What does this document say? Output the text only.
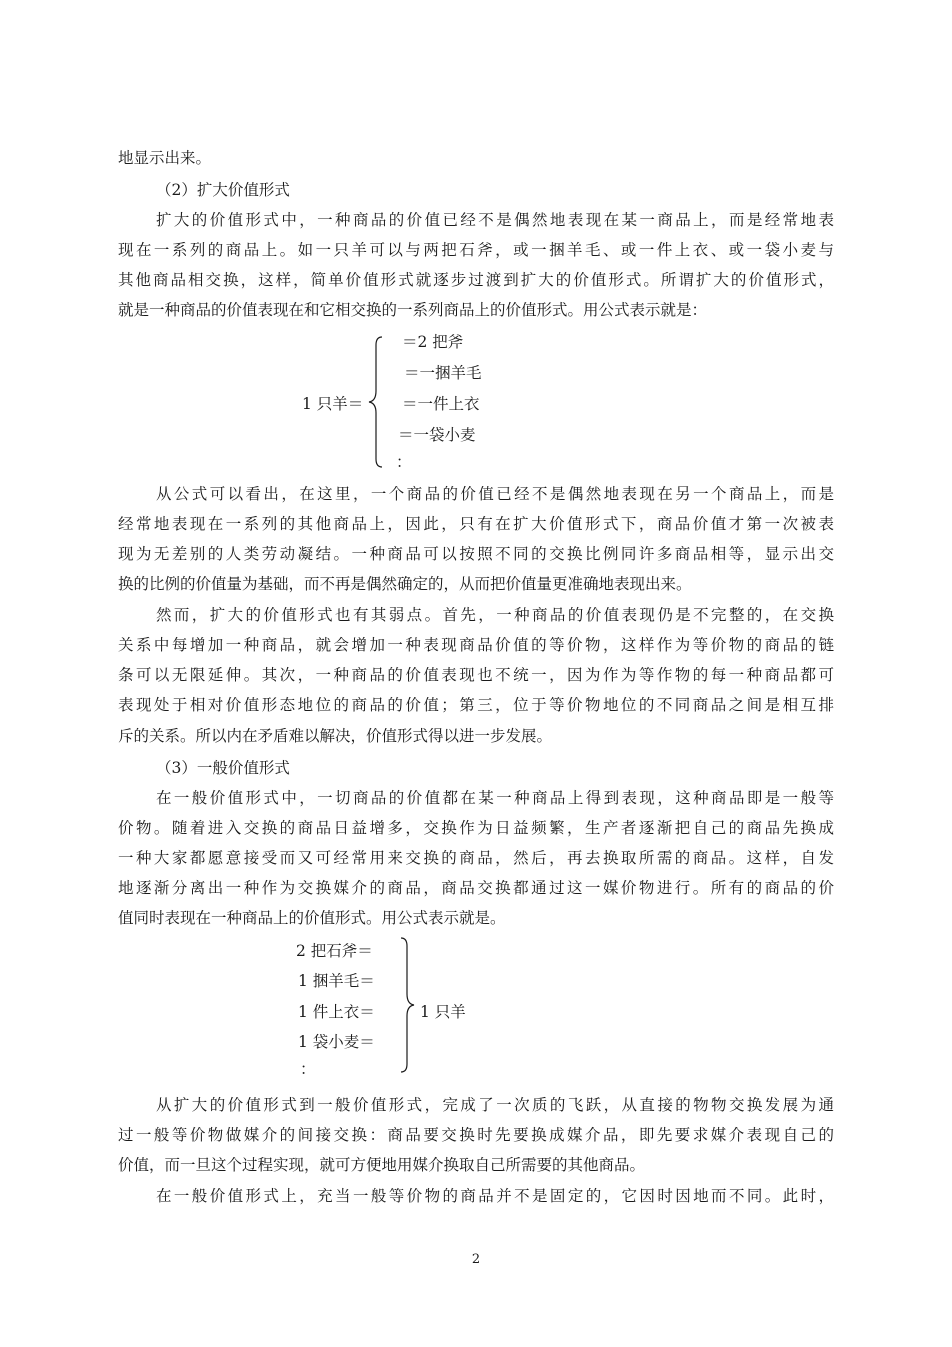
地显示出来。
（2）扩大价值形式
扩大的价值形式中，一种商品的价值已经不是偶然地表现在某一商品上，而是经常地表
现在一系列的商品上。如一只羊可以与两把石斧，或一捆羊毛、或一件上衣、或一袋小麦与
其他商品相交换，这样，简单价值形式就逐步过渡到扩大的价值形式。所谓扩大的价值形式，
就是一种商品的价值表现在和它相交换的一系列商品上的价值形式。用公式表示就是：
1 只羊＝
＝2 把斧
＝一捆羊毛
＝一件上衣
＝一袋小麦
：
从公式可以看出，在这里，一个商品的价值已经不是偶然地表现在另一个商品上，而是
经常地表现在一系列的其他商品上，因此，只有在扩大价值形式下，商品价值才第一次被表
现为无差别的人类劳动凝结。一种商品可以按照不同的交换比例同许多商品相等，显示出交
换的比例的价值量为基础，而不再是偶然确定的，从而把价值量更准确地表现出来。
然而，扩大的价值形式也有其弱点。首先，一种商品的价值表现仍是不完整的，在交换
关系中每增加一种商品，就会增加一种表现商品价值的等价物，这样作为等价物的商品的链
条可以无限延伸。其次，一种商品的价值表现也不统一，因为作为等作物的每一种商品都可
表现处于相对价值形态地位的商品的价值；第三，位于等价物地位的不同商品之间是相互排
斥的关系。所以内在矛盾难以解决，价值形式得以进一步发展。
（3）一般价值形式
在一般价值形式中，一切商品的价值都在某一种商品上得到表现，这种商品即是一般等
价物。随着进入交换的商品日益增多，交换作为日益频繁，生产者逐渐把自己的商品先换成
一种大家都愿意接受而又可经常用来交换的商品，然后，再去换取所需的商品。这样，自发
地逐渐分离出一种作为交换媒介的商品，商品交换都通过这一媒价物进行。所有的商品的价
值同时表现在一种商品上的价值形式。用公式表示就是。
2 把石斧＝
1 捆羊毛＝
1 件上衣＝
1 袋小麦＝
：
1 只羊
从扩大的价值形式到一般价值形式，完成了一次质的飞跃，从直接的物物交换发展为通
过一般等价物做媒介的间接交换：商品要交换时先要换成媒介品，即先要求媒介表现自己的
价值，而一旦这个过程实现，就可方便地用媒介换取自己所需要的其他商品。
在一般价值形式上，充当一般等价物的商品并不是固定的，它因时因地而不同。此时，
2
